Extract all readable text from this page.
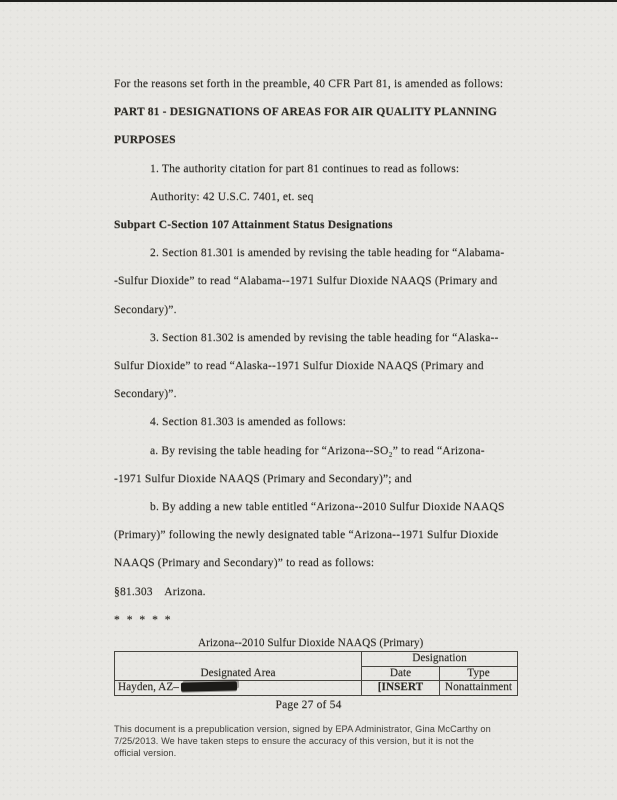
For the reasons set forth in the preamble, 40 CFR Part 81, is amended as follows:

PART 81 - DESIGNATIONS OF AREAS FOR AIR QUALITY PLANNING PURPOSES

1. The authority citation for part 81 continues to read as follows:

Authority: 42 U.S.C. 7401, et. seq

Subpart C-Section 107 Attainment Status Designations

2. Section 81.301 is amended by revising the table heading for “Alabama--Sulfur Dioxide” to read “Alabama--1971 Sulfur Dioxide NAAQS (Primary and Secondary)”.

3. Section 81.302 is amended by revising the table heading for “Alaska--Sulfur Dioxide” to read “Alaska--1971 Sulfur Dioxide NAAQS (Primary and Secondary)”.

4. Section 81.303 is amended as follows:

a. By revising the table heading for “Arizona--SO₂” to read “Arizona--1971 Sulfur Dioxide NAAQS (Primary and Secondary)”; and

b. By adding a new table entitled “Arizona--2010 Sulfur Dioxide NAAQS (Primary)” following the newly designated table “Arizona--1971 Sulfur Dioxide NAAQS (Primary and Secondary)” to read as follows:

§81.303    Arizona.

* * * * *

Arizona--2010 Sulfur Dioxide NAAQS (Primary)
Designated Area	Designation	
	Date	Type
Hayden, AZ–	[INSERT	Nonattainment
Page 27 of 54
This document is a prepublication version, signed by EPA Administrator, Gina McCarthy on 7/25/2013. We have taken steps to ensure the accuracy of this version, but it is not the official version.
